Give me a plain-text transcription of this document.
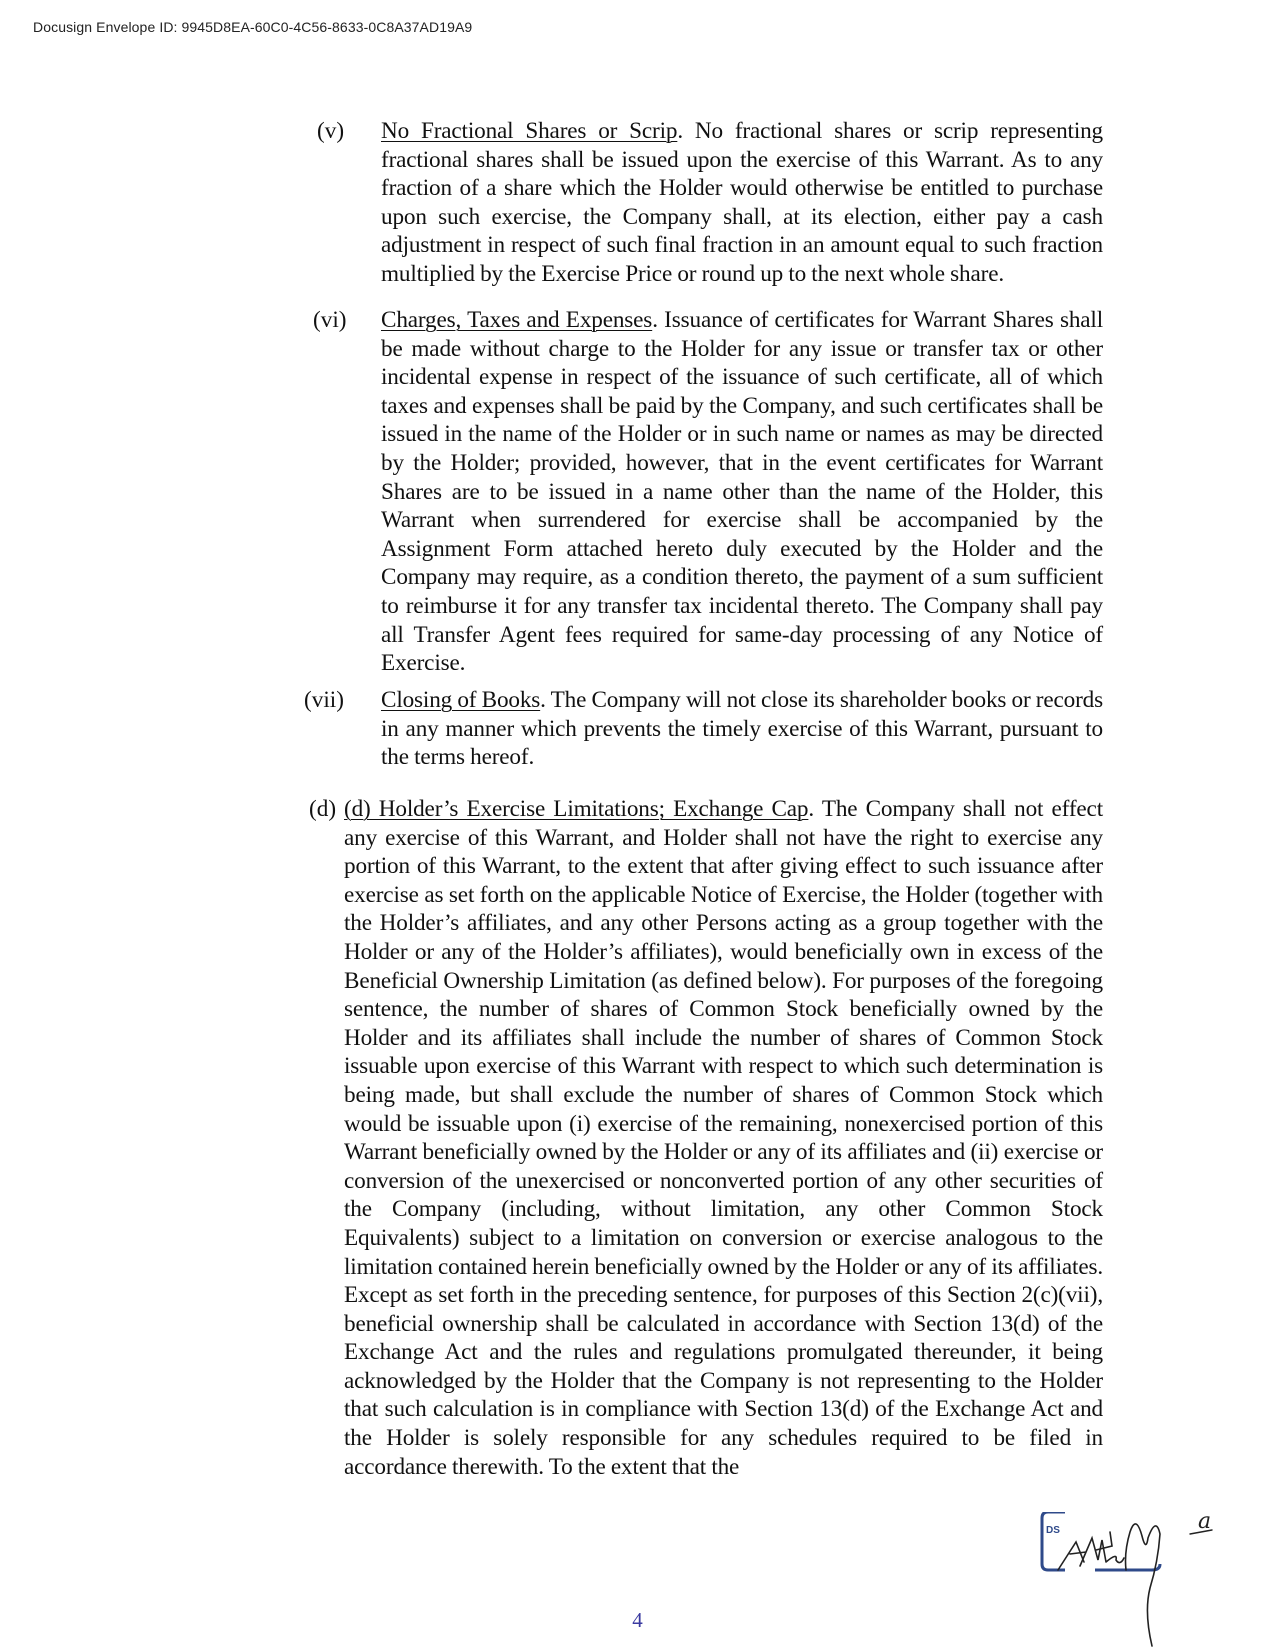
Docusign Envelope ID: 9945D8EA-60C0-4C56-8633-0C8A37AD19A9
(v) No Fractional Shares or Scrip. No fractional shares or scrip representing fractional shares shall be issued upon the exercise of this Warrant. As to any fraction of a share which the Holder would otherwise be entitled to purchase upon such exercise, the Company shall, at its election, either pay a cash adjustment in respect of such final fraction in an amount equal to such fraction multiplied by the Exercise Price or round up to the next whole share.
(vi) Charges, Taxes and Expenses. Issuance of certificates for Warrant Shares shall be made without charge to the Holder for any issue or transfer tax or other incidental expense in respect of the issuance of such certificate, all of which taxes and expenses shall be paid by the Company, and such certificates shall be issued in the name of the Holder or in such name or names as may be directed by the Holder; provided, however, that in the event certificates for Warrant Shares are to be issued in a name other than the name of the Holder, this Warrant when surrendered for exercise shall be accompanied by the Assignment Form attached hereto duly executed by the Holder and the Company may require, as a condition thereto, the payment of a sum sufficient to reimburse it for any transfer tax incidental thereto. The Company shall pay all Transfer Agent fees required for same-day processing of any Notice of Exercise.
(vii) Closing of Books. The Company will not close its shareholder books or records in any manner which prevents the timely exercise of this Warrant, pursuant to the terms hereof.
(d) (d) Holder’s Exercise Limitations; Exchange Cap. The Company shall not effect any exercise of this Warrant, and Holder shall not have the right to exercise any portion of this Warrant, to the extent that after giving effect to such issuance after exercise as set forth on the applicable Notice of Exercise, the Holder (together with the Holder’s affiliates, and any other Persons acting as a group together with the Holder or any of the Holder’s affiliates), would beneficially own in excess of the Beneficial Ownership Limitation (as defined below). For purposes of the foregoing sentence, the number of shares of Common Stock beneficially owned by the Holder and its affiliates shall include the number of shares of Common Stock issuable upon exercise of this Warrant with respect to which such determination is being made, but shall exclude the number of shares of Common Stock which would be issuable upon (i) exercise of the remaining, nonexercised portion of this Warrant beneficially owned by the Holder or any of its affiliates and (ii) exercise or conversion of the unexercised or nonconverted portion of any other securities of the Company (including, without limitation, any other Common Stock Equivalents) subject to a limitation on conversion or exercise analogous to the limitation contained herein beneficially owned by the Holder or any of its affiliates. Except as set forth in the preceding sentence, for purposes of this Section 2(c)(vii), beneficial ownership shall be calculated in accordance with Section 13(d) of the Exchange Act and the rules and regulations promulgated thereunder, it being acknowledged by the Holder that the Company is not representing to the Holder that such calculation is in compliance with Section 13(d) of the Exchange Act and the Holder is solely responsible for any schedules required to be filed in accordance therewith. To the extent that the
4
DS	a
